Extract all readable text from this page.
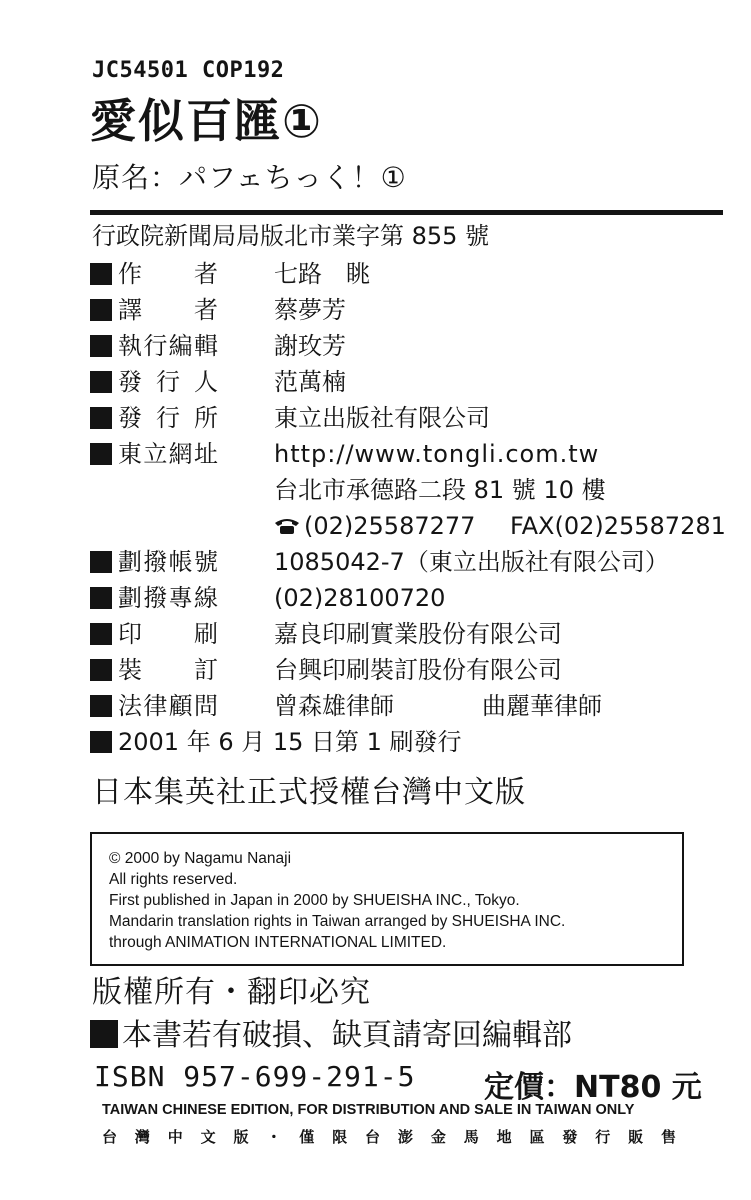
JC54501 COP192
愛似百匯①
原名：パフェちっく！①
行政院新聞局局版北市業字第 855 號
作　者 七路　眺
譯　者 蔡夢芳
執行編輯 謝玫芳
發行人 范萬楠
發行所 東立出版社有限公司
東立網址 http://www.tongli.com.tw
台北市承德路二段 81 號 10 樓
(02)25587277 FAX(02)25587281
劃撥帳號 1085042-7（東立出版社有限公司）
劃撥專線 (02)28100720
印　刷 嘉良印刷實業股份有限公司
裝　訂 台興印刷裝訂股份有限公司
法律顧問 曾森雄律師	曲麗華律師
2001 年 6 月 15 日第 1 刷發行
日本集英社正式授權台灣中文版
© 2000 by Nagamu Nanaji
All rights reserved.
First published in Japan in 2000 by SHUEISHA INC., Tokyo.
Mandarin translation rights in Taiwan arranged by SHUEISHA INC.
through ANIMATION INTERNATIONAL LIMITED.
版權所有・翻印必究
本書若有破損、缺頁請寄回編輯部
ISBN 957-699-291-5 定價：NT80 元
TAIWAN CHINESE EDITION, FOR DISTRIBUTION AND SALE IN TAIWAN ONLY
台灣中文版・僅限台澎金馬地區發行販售
